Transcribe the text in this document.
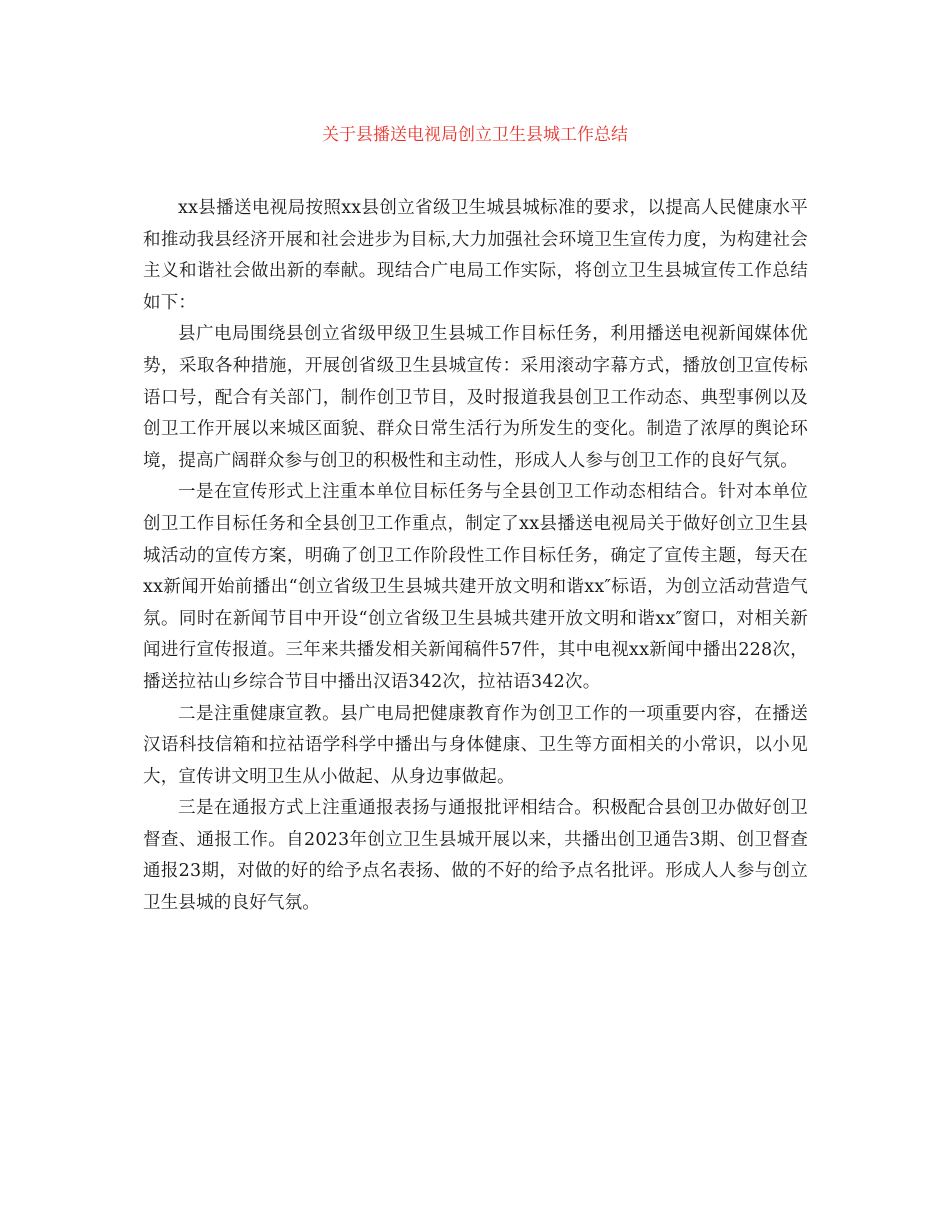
关于县播送电视局创立卫生县城工作总结

xx县播送电视局按照xx县创立省级卫生城县城标准的要求，以提高人民健康水平和推动我县经济开展和社会进步为目标,大力加强社会环境卫生宣传力度，为构建社会主义和谐社会做出新的奉献。现结合广电局工作实际，将创立卫生县城宣传工作总结如下：

县广电局围绕县创立省级甲级卫生县城工作目标任务，利用播送电视新闻媒体优势，采取各种措施，开展创省级卫生县城宣传：采用滚动字幕方式，播放创卫宣传标语口号，配合有关部门，制作创卫节目，及时报道我县创卫工作动态、典型事例以及创卫工作开展以来城区面貌、群众日常生活行为所发生的变化。制造了浓厚的舆论环境，提高广阔群众参与创卫的积极性和主动性，形成人人参与创卫工作的良好气氛。

一是在宣传形式上注重本单位目标任务与全县创卫工作动态相结合。针对本单位创卫工作目标任务和全县创卫工作重点，制定了xx县播送电视局关于做好创立卫生县城活动的宣传方案，明确了创卫工作阶段性工作目标任务，确定了宣传主题，每天在xx新闻开始前播出“创立省级卫生县城共建开放文明和谐xx″标语，为创立活动营造气氛。同时在新闻节目中开设“创立省级卫生县城共建开放文明和谐xx″窗口，对相关新闻进行宣传报道。三年来共播发相关新闻稿件57件，其中电视xx新闻中播出228次，播送拉祜山乡综合节目中播出汉语342次，拉祜语342次。

二是注重健康宣教。县广电局把健康教育作为创卫工作的一项重要内容，在播送汉语科技信箱和拉祜语学科学中播出与身体健康、卫生等方面相关的小常识，以小见大，宣传讲文明卫生从小做起、从身边事做起。

三是在通报方式上注重通报表扬与通报批评相结合。积极配合县创卫办做好创卫督查、通报工作。自2023年创立卫生县城开展以来，共播出创卫通告3期、创卫督查通报23期，对做的好的给予点名表扬、做的不好的给予点名批评。形成人人参与创立卫生县城的良好气氛。
